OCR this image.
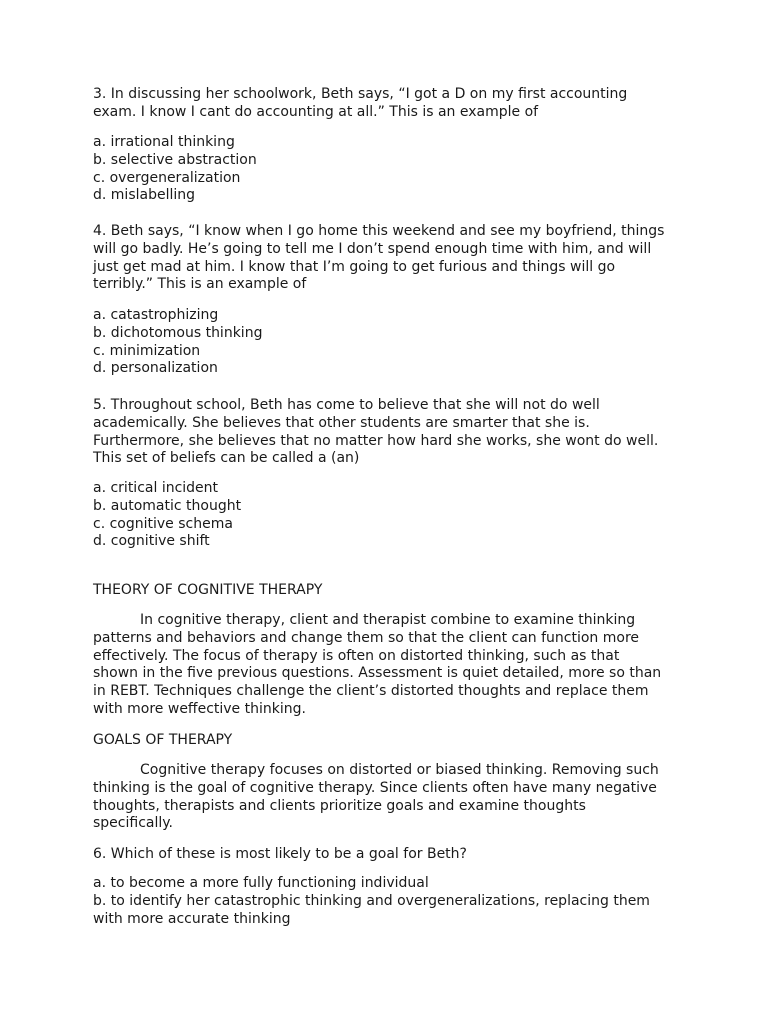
3. In discussing her schoolwork, Beth says, “I got a D on my first accounting
exam. I know I cant do accounting at all.” This is an example of
a. irrational thinking
b. selective abstraction
c. overgeneralization
d. mislabelling
4. Beth says, “I know when I go home this weekend and see my boyfriend, things
will go badly. He’s going to tell me I don’t spend enough time with him, and will
just get mad at him. I know that I’m going to get furious and things will go
terribly.” This is an example of
a. catastrophizing
b. dichotomous thinking
c. minimization
d. personalization
5. Throughout school, Beth has come to believe that she will not do well
academically. She believes that other students are smarter that she is.
Furthermore, she believes that no matter how hard she works, she wont do well.
This set of beliefs can be called a (an)
a. critical incident
b. automatic thought
c. cognitive schema
d. cognitive shift
THEORY OF COGNITIVE THERAPY
In cognitive therapy, client and therapist combine to examine thinking
patterns and behaviors and change them so that the client can function more
effectively. The focus of therapy is often on distorted thinking, such as that
shown in the five previous questions. Assessment is quiet detailed, more so than
in REBT. Techniques challenge the client’s distorted thoughts and replace them
with more weffective thinking.
GOALS OF THERAPY
Cognitive therapy focuses on distorted or biased thinking. Removing such
thinking is the goal of cognitive therapy. Since clients often have many negative
thoughts, therapists and clients prioritize goals and examine thoughts
specifically.
6. Which of these is most likely to be a goal for Beth?
a. to become a more fully functioning individual
b. to identify her catastrophic thinking and overgeneralizations, replacing them
with more accurate thinking
